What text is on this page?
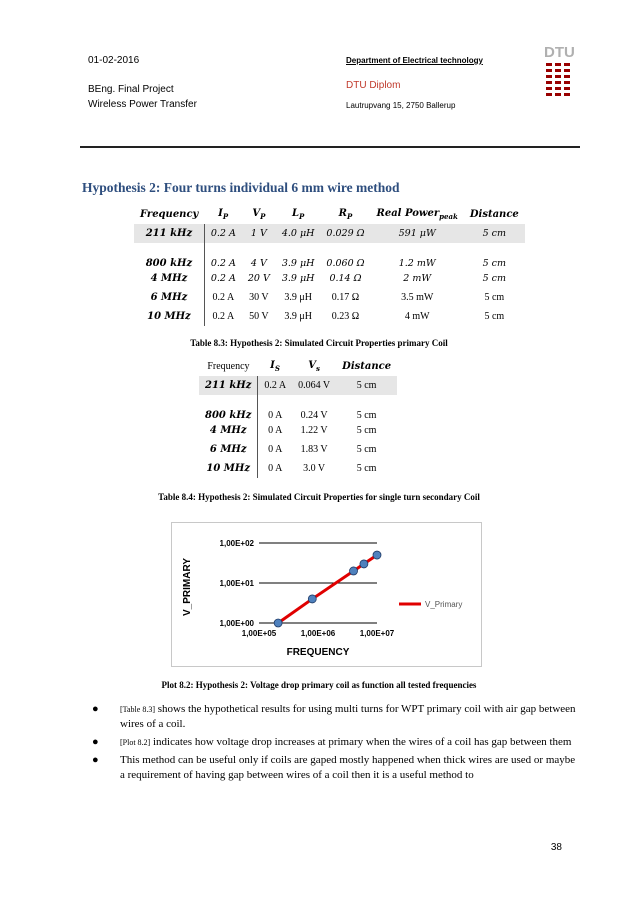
01-02-2016
BEng. Final Project
Wireless Power Transfer
Department of Electrical technology
DTU Diplom
Lautrupvang 15, 2750 Ballerup
DTU
Hypothesis 2: Four turns individual 6 mm wire method
Frequency	$I_P$	$V_P$	$L_P$	$R_P$	Real Power$_{peak}$	Distance
211 kHz	0.2 A	1 V	4.0 μH	0.029 Ω	591 μW	5 cm
800 kHz	0.2 A	4 V	3.9 μH	0.060 Ω	1.2 mW	5 cm
4 MHz	0.2 A	20 V	3.9 μH	0.14 Ω	2 mW	5 cm
6 MHz	0.2 A	30 V	3.9 μH	0.17 Ω	3.5 mW	5 cm
10 MHz	0.2 A	50 V	3.9 μH	0.23 Ω	4 mW	5 cm
Table 8.3: Hypothesis 2: Simulated Circuit Properties primary Coil
Frequency	$I_S$	$V_s$	Distance
211 kHz	0.2 A	0.064 V	5 cm
800 kHz	0 A	0.24 V	5 cm
4 MHz	0 A	1.22 V	5 cm
6 MHz	0 A	1.83 V	5 cm
10 MHz	0 A	3.0 V	5 cm
Table 8.4: Hypothesis 2: Simulated Circuit Properties for single turn secondary Coil
1,00E+00
1,00E+01
1,00E+02
1,00E+05	1,00E+06	1,00E+07
FREQUENCY
V_PRIMARY	V_Primary
Plot 8.2: Hypothesis 2: Voltage drop primary coil as function all tested frequencies
●	[Table 8.3] shows the hypothetical results for using multi turns for WPT primary coil with air gap between wires of a coil.
●	[Plot 8.2] indicates how voltage drop increases at primary when the wires of a coil has gap between them
● This method can be useful only if coils are gaped mostly happened when thick wires are used or maybe a requirement of having gap between wires of a coil then it is a useful method to
38
